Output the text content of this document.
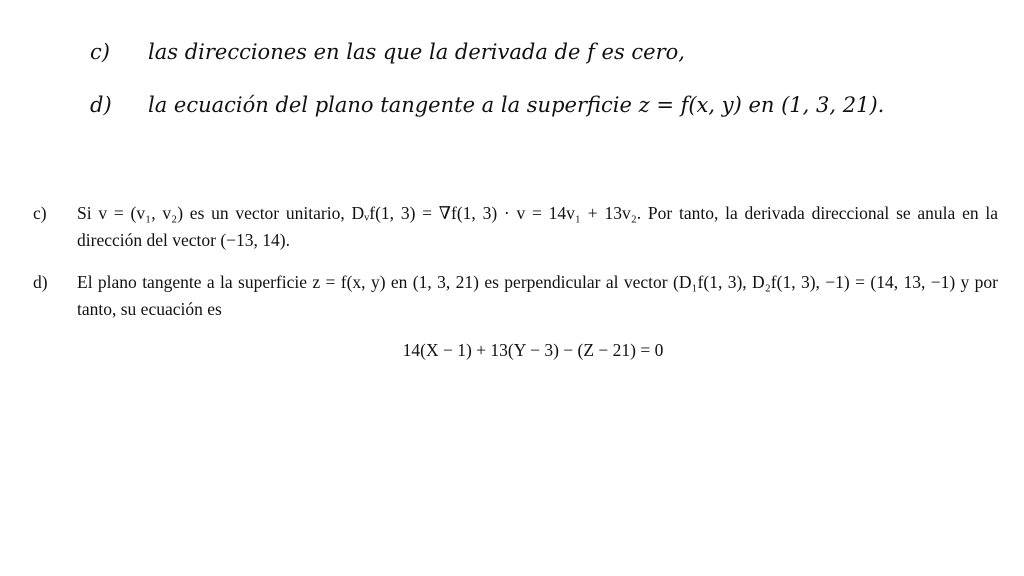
c) las direcciones en las que la derivada de f es cero,
d) la ecuación del plano tangente a la superficie z = f(x, y) en (1, 3, 21).
c)	Si v = (v₁, v₂) es un vector unitario, Dᵥf(1, 3) = ∇f(1, 3) · v = 14v₁ + 13v₂. Por tanto, la derivada direccional se anula en la dirección del vector (−13, 14).
d)	El plano tangente a la superficie z = f(x, y) en (1, 3, 21) es perpendicular al vector (D₁f(1, 3), D₂f(1, 3), −1) = (14, 13, −1) y por tanto, su ecuación es
14(X − 1) + 13(Y − 3) − (Z − 21) = 0
